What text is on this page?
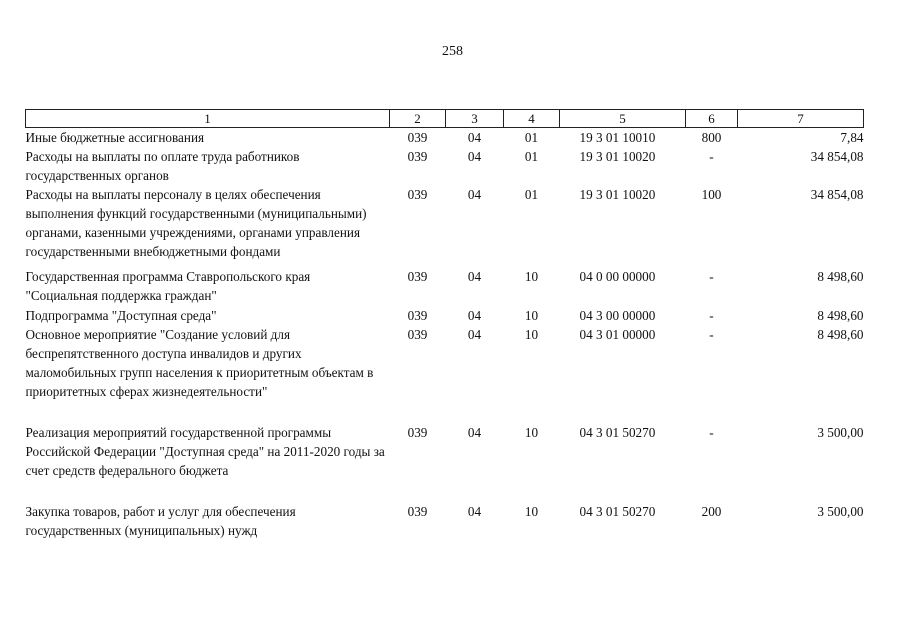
258
1	2	3	4	5	6	7
Иные бюджетные ассигнования	039	04	01	19 3 01 10010	800	7,84
Расходы на выплаты по оплате труда работников государственных органов	039	04	01	19 3 01 10020	-	34 854,08
Расходы на выплаты персоналу в целях обеспечения выполнения функций государственными (муниципальными) органами, казенными учреждениями, органами управления государственными внебюджетными фондами	039	04	01	19 3 01 10020	100	34 854,08
Государственная программа Ставропольского края "Социальная поддержка граждан"	039	04	10	04 0 00 00000	-	8 498,60
Подпрограмма "Доступная среда"	039	04	10	04 3 00 00000	-	8 498,60
Основное мероприятие "Создание условий для беспрепятственного доступа инвалидов и других маломобильных групп населения к приоритетным объектам в приоритетных сферах жизнедеятельности"	039	04	10	04 3 01 00000	-	8 498,60
Реализация мероприятий государственной программы Российской Федерации "Доступная среда" на 2011-2020 годы за счет средств федерального бюджета	039	04	10	04 3 01 50270	-	3 500,00
Закупка товаров, работ и услуг для обеспечения государственных (муниципальных) нужд	039	04	10	04 3 01 50270	200	3 500,00
